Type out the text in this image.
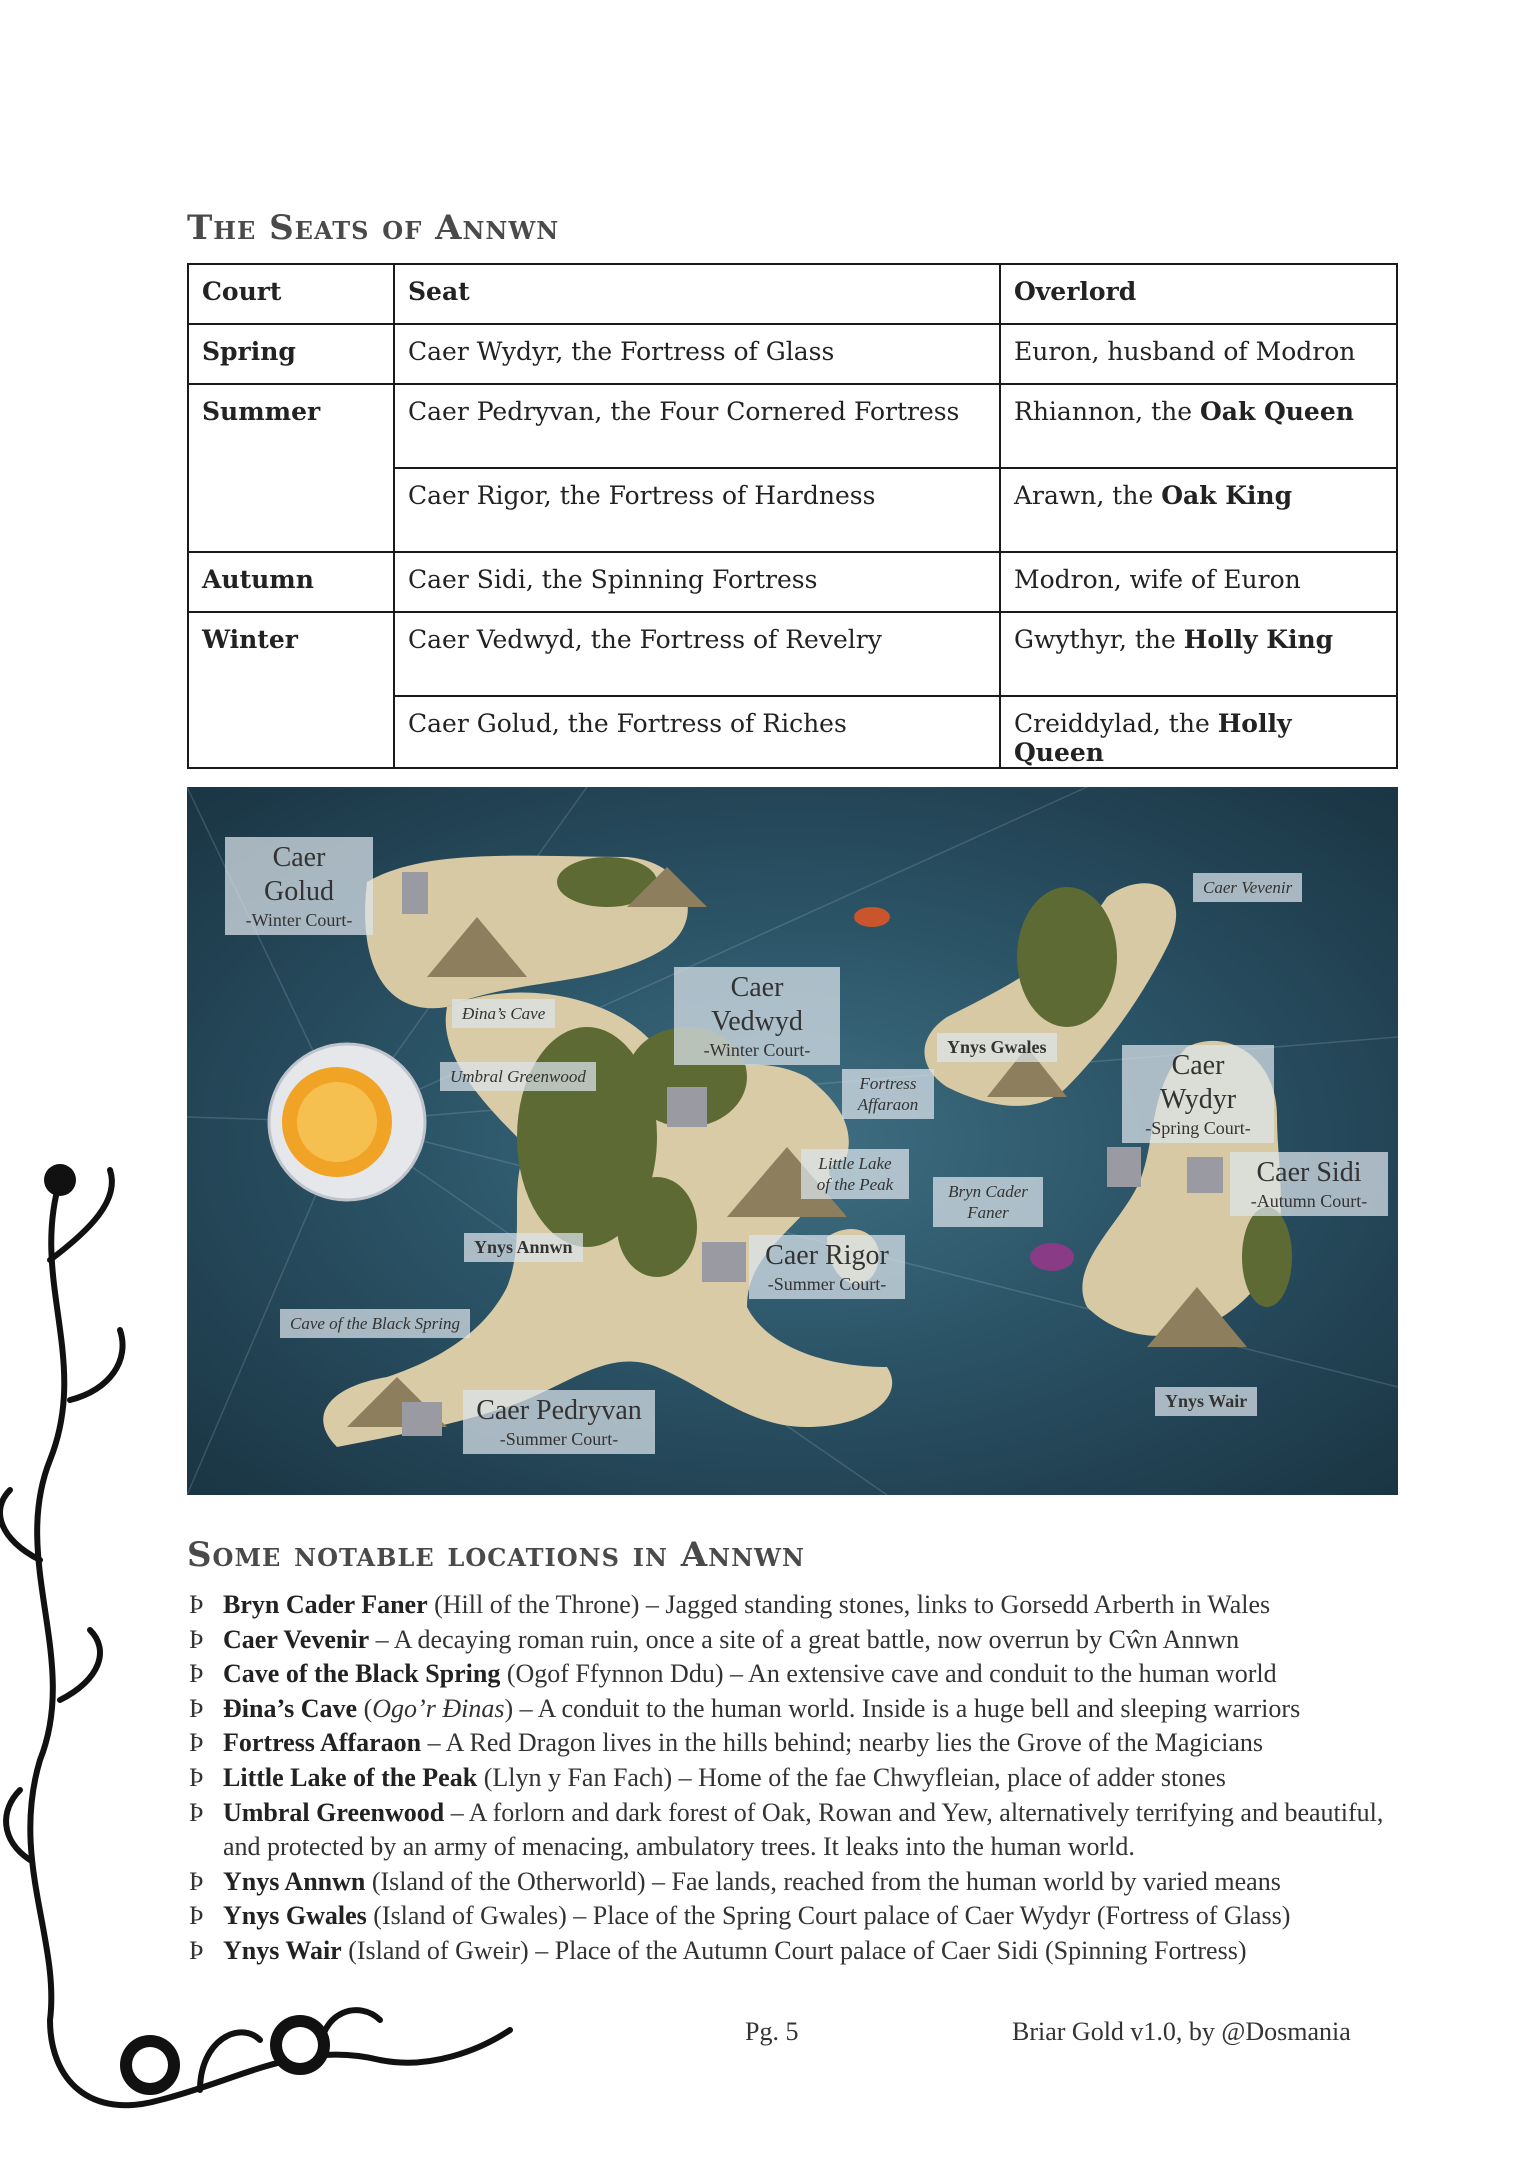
The Seats of Annwn
Court	Seat	Overlord
Spring	Caer Wydyr, the Fortress of Glass	Euron, husband of Modron
Summer	Caer Pedryvan, the Four Cornered Fortress	Rhiannon, the Oak Queen
	Caer Rigor, the Fortress of Hardness	Arawn, the Oak King
Autumn	Caer Sidi, the Spinning Fortress	Modron, wife of Euron
Winter	Caer Vedwyd, the Fortress of Revelry	Gwythyr, the Holly King
	Caer Golud, the Fortress of Riches	Creiddylad, the Holly Queen
Caer Golud
-Winter Court-
Caer Vevenir
Caer Vedwyd
-Winter Court-
Ðina’s Cave
Umbral Greenwood
Ynys Gwales
Fortress Affaraon
Caer Wydyr
-Spring Court-
Little Lake of the Peak	Bryn Cader Faner
Caer Sidi
-Autumn Court-
Ynys Annwn	Caer Rigor
-Summer Court-
Cave of the Black Spring
Caer Pedryvan
-Summer Court-
Ynys Wair
Some notable locations in Annwn
Þ Bryn Cader Faner (Hill of the Throne) – Jagged standing stones, links to Gorsedd Arberth in Wales
Þ Caer Vevenir – A decaying roman ruin, once a site of a great battle, now overrun by Cŵn Annwn
Þ Cave of the Black Spring (Ogof Ffynnon Ddu) – An extensive cave and conduit to the human world
Þ Ðina’s Cave (Ogo’r Ðinas) – A conduit to the human world. Inside is a huge bell and sleeping warriors
Þ Fortress Affaraon – A Red Dragon lives in the hills behind; nearby lies the Grove of the Magicians
Þ Little Lake of the Peak (Llyn y Fan Fach) – Home of the fae Chwyfleian, place of adder stones
Þ Umbral Greenwood – A forlorn and dark forest of Oak, Rowan and Yew, alternatively terrifying and beautiful, and protected by an army of menacing, ambulatory trees. It leaks into the human world.
Þ Ynys Annwn (Island of the Otherworld) – Fae lands, reached from the human world by varied means
Þ Ynys Gwales (Island of Gwales) – Place of the Spring Court palace of Caer Wydyr (Fortress of Glass)
Þ Ynys Wair (Island of Gweir) – Place of the Autumn Court palace of Caer Sidi (Spinning Fortress)
Pg. 5	Briar Gold v1.0, by @Dosmania
